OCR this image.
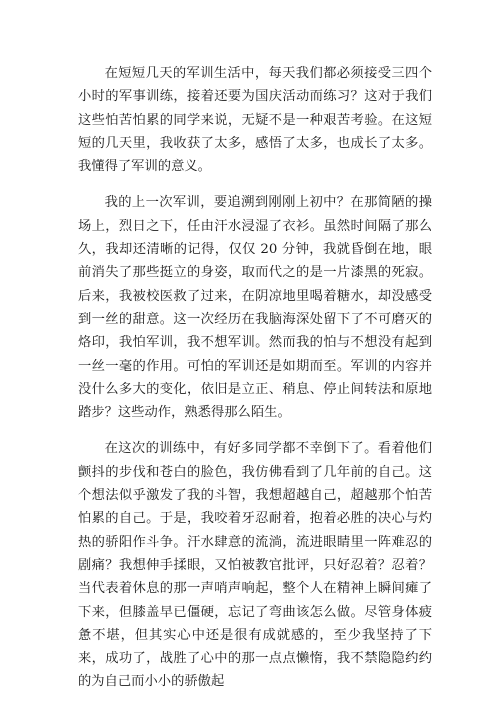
在短短几天的军训生活中，每天我们都必须接受三四个小时的军事训练，接着还要为国庆活动而练习？这对于我们这些怕苦怕累的同学来说，无疑不是一种艰苦考验。在这短短的几天里，我收获了太多，感悟了太多，也成长了太多。我懂得了军训的意义。

我的上一次军训，要追溯到刚刚上初中？在那简陋的操场上，烈日之下，任由汗水浸湿了衣衫。虽然时间隔了那么久，我却还清晰的记得，仅仅 20 分钟，我就昏倒在地，眼前消失了那些挺立的身姿，取而代之的是一片漆黑的死寂。后来，我被校医救了过来，在阴凉地里喝着糖水，却没感受到一丝的甜意。这一次经历在我脑海深处留下了不可磨灭的烙印，我怕军训，我不想军训。然而我的怕与不想没有起到一丝一毫的作用。可怕的军训还是如期而至。军训的内容并没什么多大的变化，依旧是立正、稍息、停止间转法和原地踏步？这些动作，熟悉得那么陌生。

在这次的训练中，有好多同学都不幸倒下了。看着他们颤抖的步伐和苍白的脸色，我仿佛看到了几年前的自己。这个想法似乎激发了我的斗智，我想超越自己，超越那个怕苦怕累的自己。于是，我咬着牙忍耐着，抱着必胜的决心与灼热的骄阳作斗争。汗水肆意的流淌，流进眼睛里一阵难忍的剧痛？我想伸手揉眼，又怕被教官批评，只好忍着？忍着？当代表着休息的那一声哨声响起，整个人在精神上瞬间瘫了下来，但膝盖早已僵硬，忘记了弯曲该怎么做。尽管身体疲惫不堪，但其实心中还是很有成就感的，至少我坚持了下来，成功了，战胜了心中的那一点点懒惰，我不禁隐隐约约的为自己而小小的骄傲起
